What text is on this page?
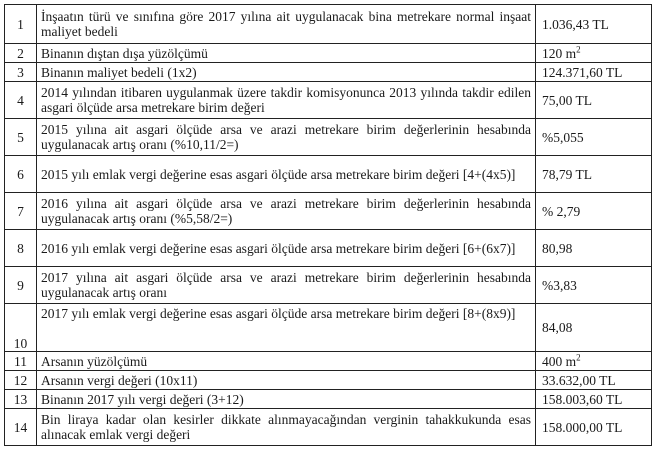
1	İnşaatın türü ve sınıfına göre 2017 yılına ait uygulanacak bina metrekare normal inşaat maliyet bedeli	1.036,43 TL
2	Binanın dıştan dışa yüzölçümü	120 $m^2$
3	Binanın maliyet bedeli (1x2)	124.371,60 TL
4	2014 yılından itibaren uygulanmak üzere takdir komisyonunca 2013 yılında takdir edilen asgari ölçüde arsa metrekare birim değeri	75,00 TL
5	2015 yılına ait asgari ölçüde arsa ve arazi metrekare birim değerlerinin hesabında uygulanacak artış oranı (%10,11/2=)	%5,055
6	2015 yılı emlak vergi değerine esas asgari ölçüde arsa metrekare birim değeri [4+(4x5)]	78,79 TL
7	2016 yılına ait asgari ölçüde arsa ve arazi metrekare birim değerlerinin hesabında uygulanacak artış oranı (%5,58/2=)	% 2,79
8	2016 yılı emlak vergi değerine esas asgari ölçüde arsa metrekare birim değeri [6+(6x7)]	80,98
9	2017 yılına ait asgari ölçüde arsa ve arazi metrekare birim değerlerinin hesabında uygulanacak artış oranı	%3,83
10	2017 yılı emlak vergi değerine esas asgari ölçüde arsa metrekare birim değeri [8+(8x9)]	84,08
11	Arsanın yüzölçümü	400 $m^2$
12	Arsanın vergi değeri (10x11)	33.632,00 TL
13	Binanın 2017 yılı vergi değeri (3+12)	158.003,60 TL
14	Bin liraya kadar olan kesirler dikkate alınmayacağından verginin tahakkukunda esas alınacak emlak vergi değeri	158.000,00 TL
